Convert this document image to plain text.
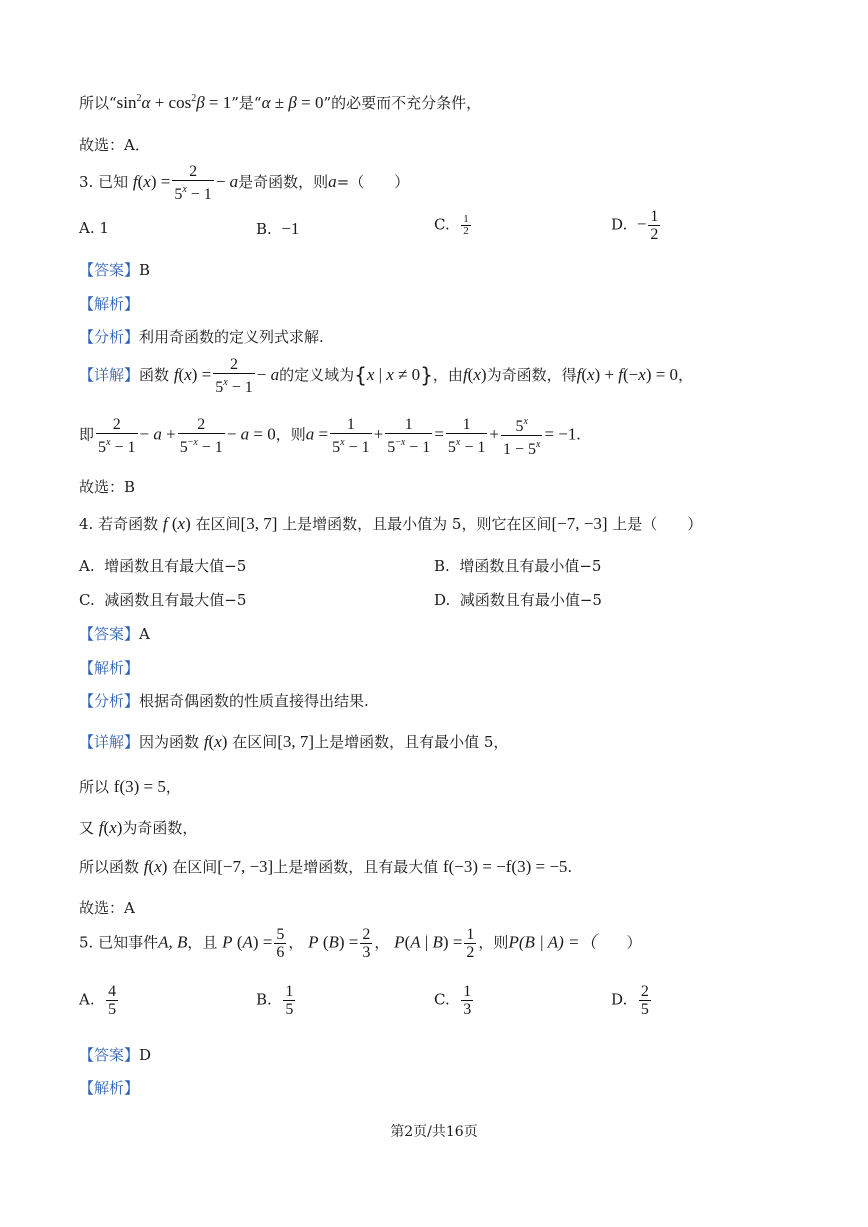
所以“$\sin^2\alpha + \cos^2\beta = 1$”是“α ± β = 0”的必要而不充分条件，
故选：A．
3. 已知 $f(x) = \frac{2}{5^x - 1} - a$是奇函数，则a=（ ）
A. 1	B. −1	C. $\frac{1}{2}$	D. − $\frac{1}{2}$
【答案】B
【解析】
【分析】利用奇函数的定义列式求解.
【详解】函数 $f(x) = \frac{2}{5^x - 1} - a$的定义域为{x | x ≠ 0}，由f(x)为奇函数，得f(x) + f(−x) = 0，
即 $\frac{2}{5^x - 1} - a + \frac{2}{5^{-x} - 1} - a = 0$，则$a = \frac{1}{5^x - 1} + \frac{1}{5^{-x} - 1} = \frac{1}{5^x - 1} + \frac{5^x}{1 - 5^x} = -1$.
故选：B
4. 若奇函数 f (x) 在区间[3, 7] 上是增函数，且最小值为 5，则它在区间[−7, −3] 上是（ ）
A. 增函数且有最大值−5	B. 增函数且有最小值−5
C. 减函数且有最大值−5	D. 减函数且有最小值−5
【答案】A
【解析】
【分析】根据奇偶函数的性质直接得出结果.
【详解】因为函数 f(x) 在区间[3, 7]上是增函数，且有最小值 5，
所以 f(3) = 5，
又 f(x)为奇函数，
所以函数 f(x) 在区间[−7, −3]上是增函数，且有最大值 f(−3) = −f(3) = −5.
故选：A
5. 已知事件A, B，且 P $(A) = \frac{5}{6}$ ， P $(B) = \frac{2}{3}$ ， P(A | $B) = \frac{1}{2}$ ，则P(B | A) =（ ）
A. $\frac{4}{5}$	B. $\frac{1}{5}$	C. $\frac{1}{3}$	D. $\frac{2}{5}$
【答案】D
【解析】
第2页/共16页
